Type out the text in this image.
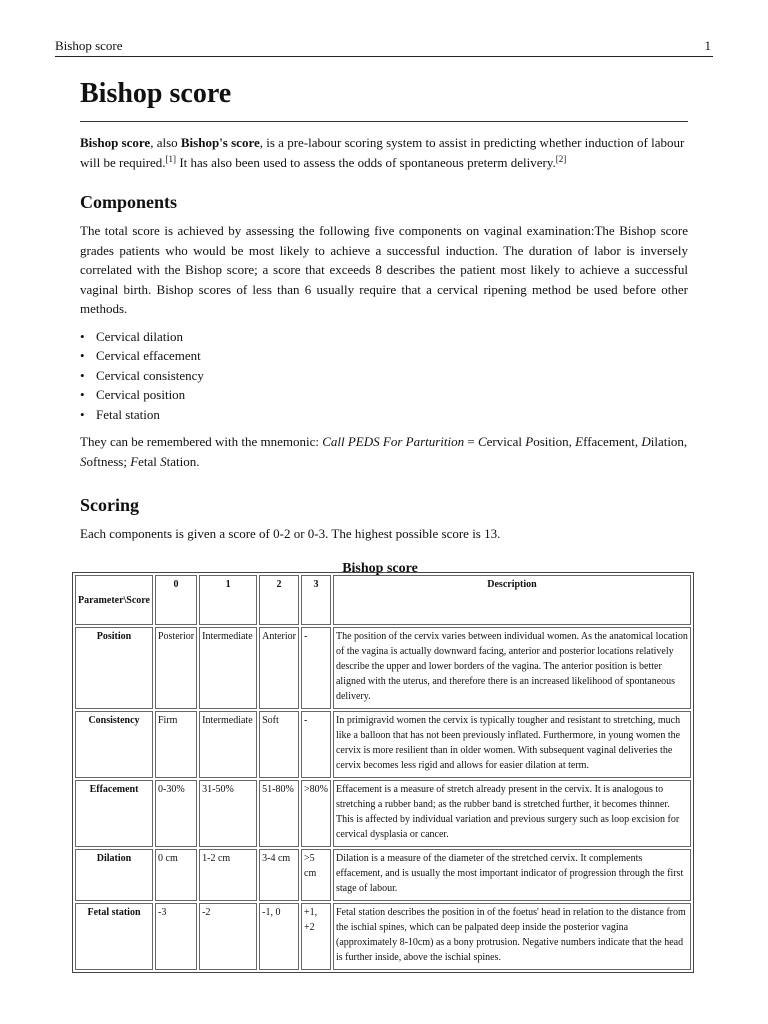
Bishop score	1
Bishop score

Bishop score, also Bishop's score, is a pre-labour scoring system to assist in predicting whether induction of labour will be required.[1] It has also been used to assess the odds of spontaneous preterm delivery.[2]

Components

The total score is achieved by assessing the following five components on vaginal examination:The Bishop score grades patients who would be most likely to achieve a successful induction. The duration of labor is inversely correlated with the Bishop score; a score that exceeds 8 describes the patient most likely to achieve a successful vaginal birth. Bishop scores of less than 6 usually require that a cervical ripening method be used before other methods.

• Cervical dilation
• Cervical effacement
• Cervical consistency
• Cervical position
• Fetal station

They can be remembered with the mnemonic: Call PEDS For Parturition = Cervical Position, Effacement, Dilation, Softness; Fetal Station.

Scoring

Each components is given a score of 0-2 or 0-3. The highest possible score is 13.

Bishop score
Parameter\Score	0	1	2	3	Description
Position	Posterior	Intermediate	Anterior	-	The position of the cervix varies between individual women. As the anatomical location of the vagina is actually downward facing, anterior and posterior locations relatively describe the upper and lower borders of the vagina. The anterior position is better aligned with the uterus, and therefore there is an increased likelihood of spontaneous delivery.
Consistency	Firm	Intermediate	Soft	-	In primigravid women the cervix is typically tougher and resistant to stretching, much like a balloon that has not been previously inflated. Furthermore, in young women the cervix is more resilient than in older women. With subsequent vaginal deliveries the cervix becomes less rigid and allows for easier dilation at term.
Effacement	0-30%	31-50%	51-80%	>80%	Effacement is a measure of stretch already present in the cervix. It is analogous to stretching a rubber band; as the rubber band is stretched further, it becomes thinner. This is affected by individual variation and previous surgery such as loop excision for cervical dysplasia or cancer.
Dilation	0 cm	1-2 cm	3-4 cm	>5 cm	Dilation is a measure of the diameter of the stretched cervix. It complements effacement, and is usually the most important indicator of progression through the first stage of labour.
Fetal station	-3	-2	-1, 0	+1, +2	Fetal station describes the position in of the foetus' head in relation to the distance from the ischial spines, which can be palpated deep inside the posterior vagina (approximately 8-10cm) as a bony protrusion. Negative numbers indicate that the head is further inside, above the ischial spines.
